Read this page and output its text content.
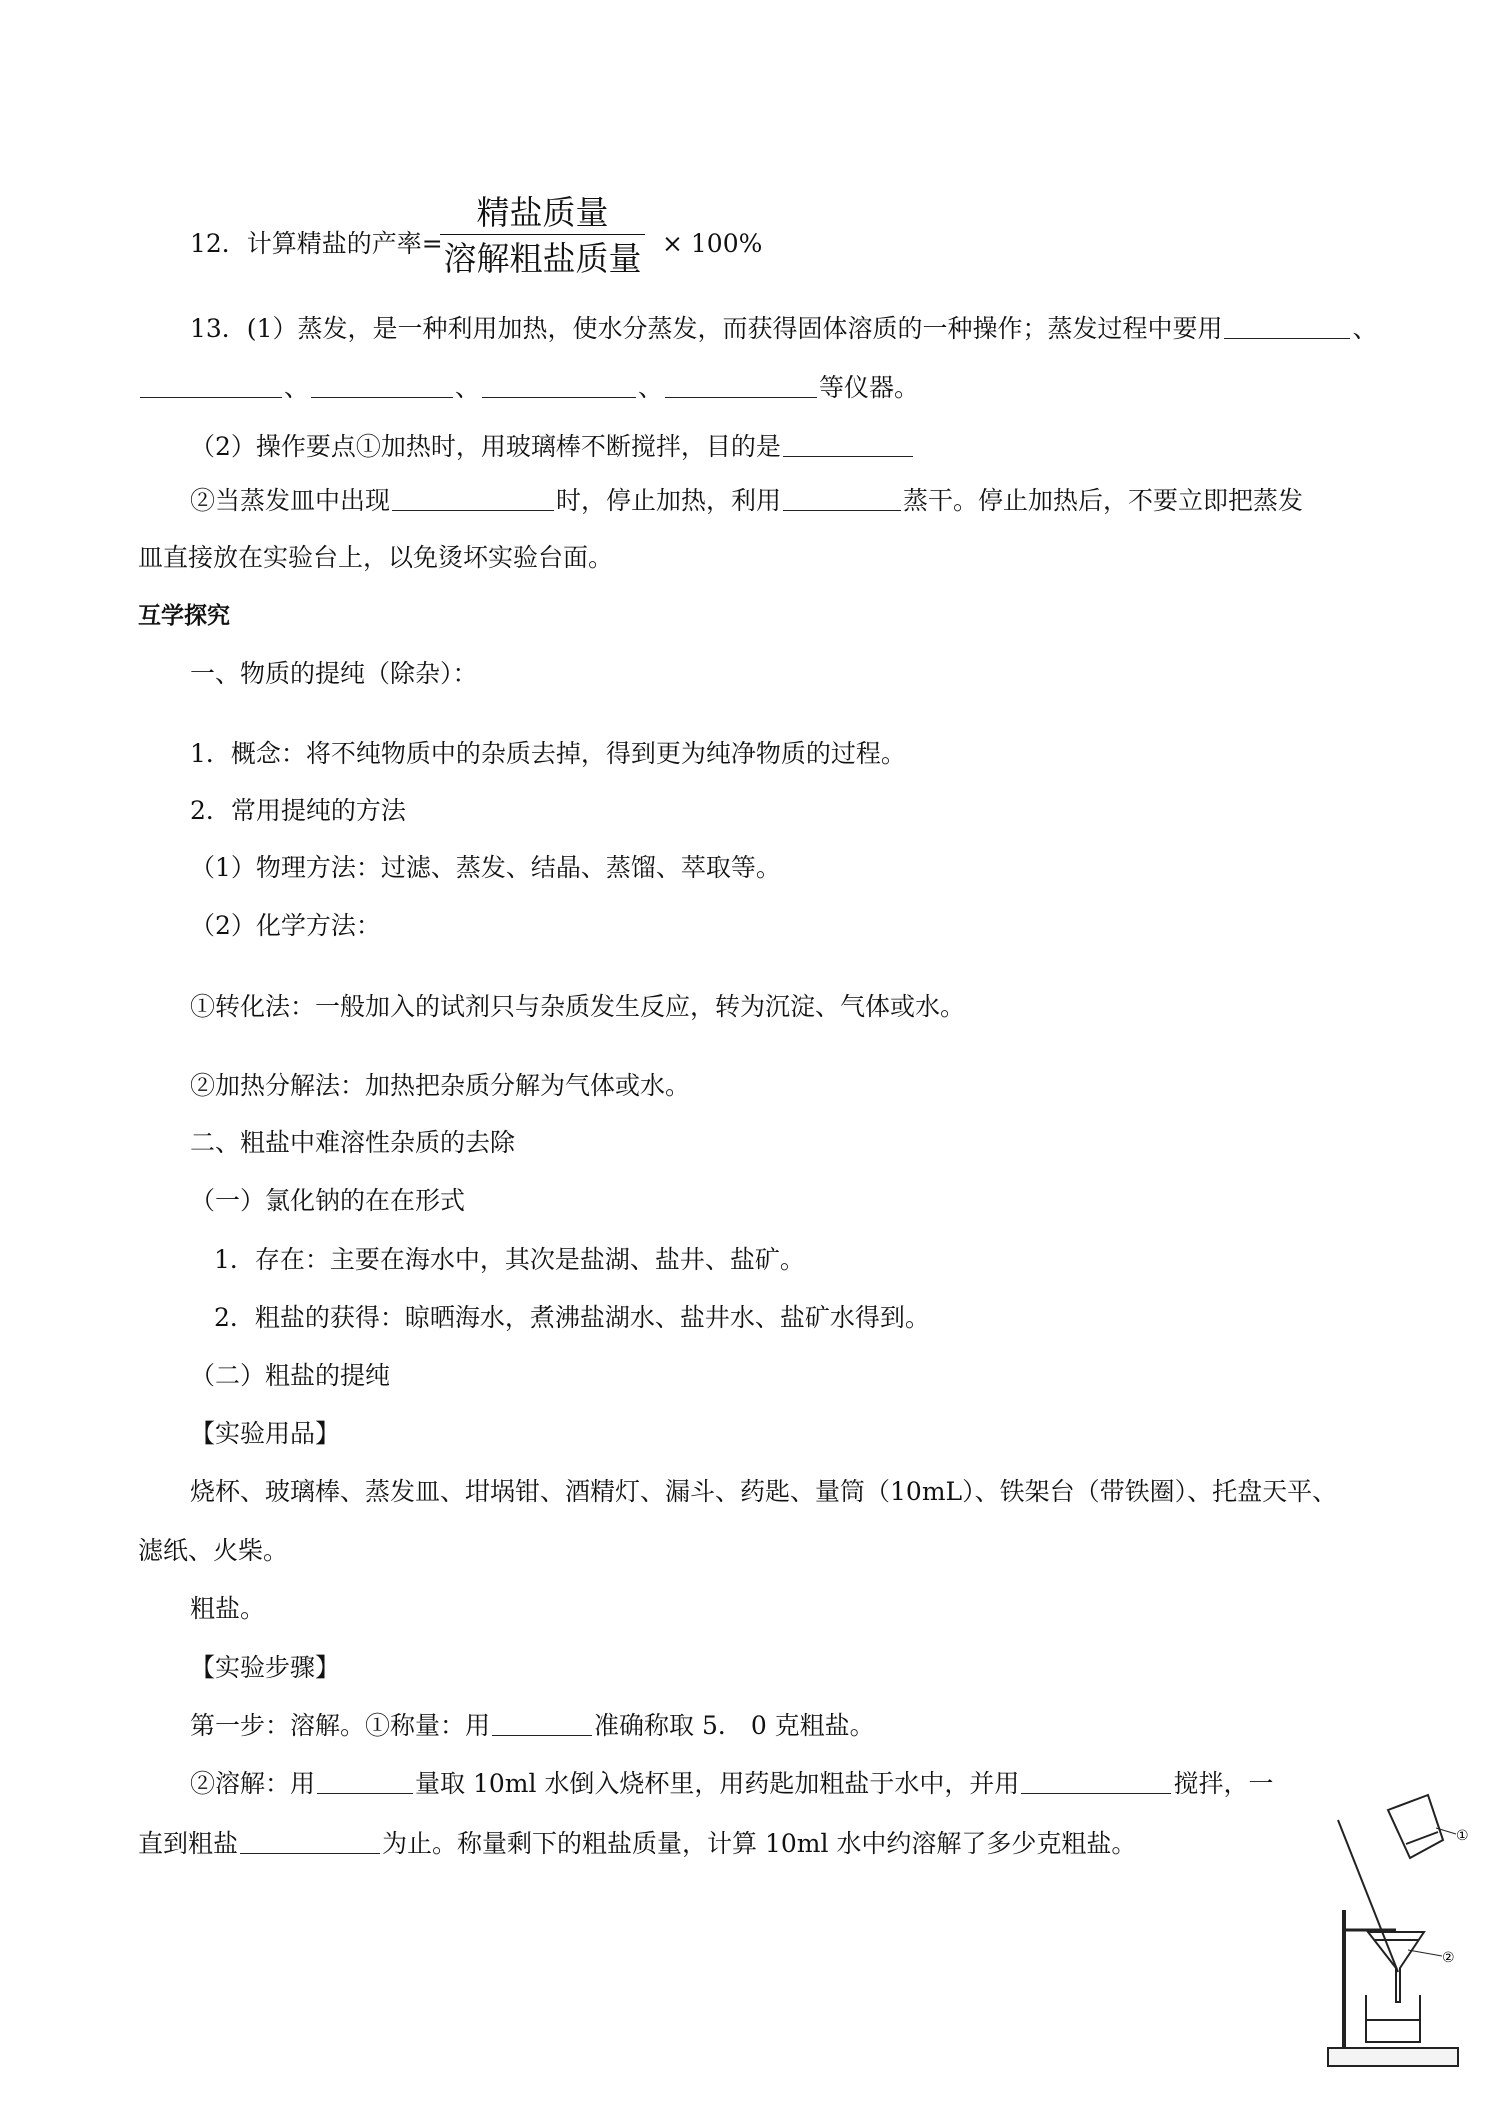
12．计算精盐的产率=
精盐质量
溶解粗盐质量 × 100%
13．(1）蒸发，是一种利用加热，使水分蒸发，而获得固体溶质的一种操作；蒸发过程中要用	、
、	、	、	等仪器。
（2）操作要点①加热时，用玻璃棒不断搅拌，目的是
②当蒸发皿中出现	时，停止加热，利用	蒸干。停止加热后，不要立即把蒸发
皿直接放在实验台上，以免烫坏实验台面。
互学探究
一、物质的提纯（除杂）：
1．概念：将不纯物质中的杂质去掉，得到更为纯净物质的过程。
2．常用提纯的方法
（1）物理方法：过滤、蒸发、结晶、蒸馏、萃取等。
（2）化学方法：
①转化法：一般加入的试剂只与杂质发生反应，转为沉淀、气体或水。
②加热分解法：加热把杂质分解为气体或水。
二、粗盐中难溶性杂质的去除
（一）氯化钠的在在形式
1．存在：主要在海水中，其次是盐湖、盐井、盐矿。
2．粗盐的获得：晾晒海水，煮沸盐湖水、盐井水、盐矿水得到。
（二）粗盐的提纯
【实验用品】
烧杯、玻璃棒、蒸发皿、坩埚钳、酒精灯、漏斗、药匙、量筒（10mL）、铁架台（带铁圈）、托盘天平、
滤纸、火柴。
粗盐。
【实验步骤】
第一步：溶解。①称量：用	准确称取 5． 0 克粗盐。
②溶解：用	量取 10ml 水倒入烧杯里，用药匙加粗盐于水中，并用	搅拌，一
直到粗盐	为止。称量剩下的粗盐质量，计算 10ml 水中约溶解了多少克粗盐。	①
②
